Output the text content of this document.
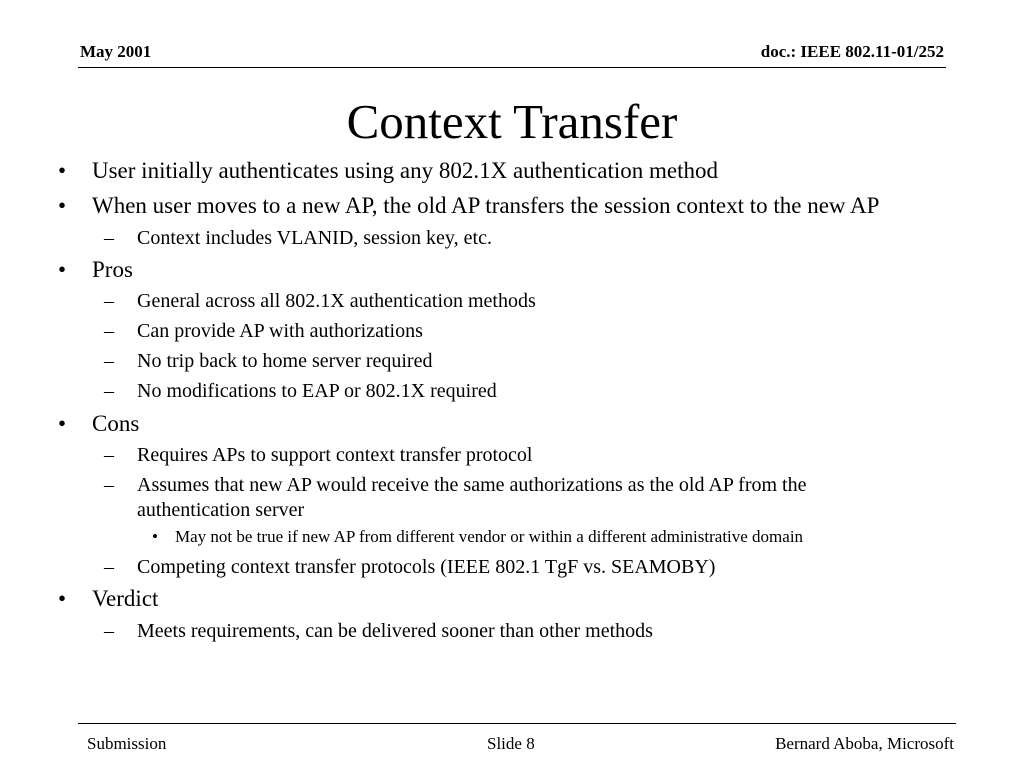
May 2001	doc.: IEEE 802.11-01/252
Context Transfer
• User initially authenticates using any 802.1X authentication method
• When user moves to a new AP, the old AP transfers the session context to the new AP
– Context includes VLANID, session key, etc.
• Pros
– General across all 802.1X authentication methods
– Can provide AP with authorizations
– No trip back to home server required
– No modifications to EAP or 802.1X required
• Cons
– Requires APs to support context transfer protocol
– Assumes that new AP would receive the same authorizations as the old AP from the
authentication server
• May not be true if new AP from different vendor or within a different administrative domain
– Competing context transfer protocols (IEEE 802.1 TgF vs. SEAMOBY)
• Verdict
– Meets requirements, can be delivered sooner than other methods
Submission	Slide 8	Bernard Aboba, Microsoft
